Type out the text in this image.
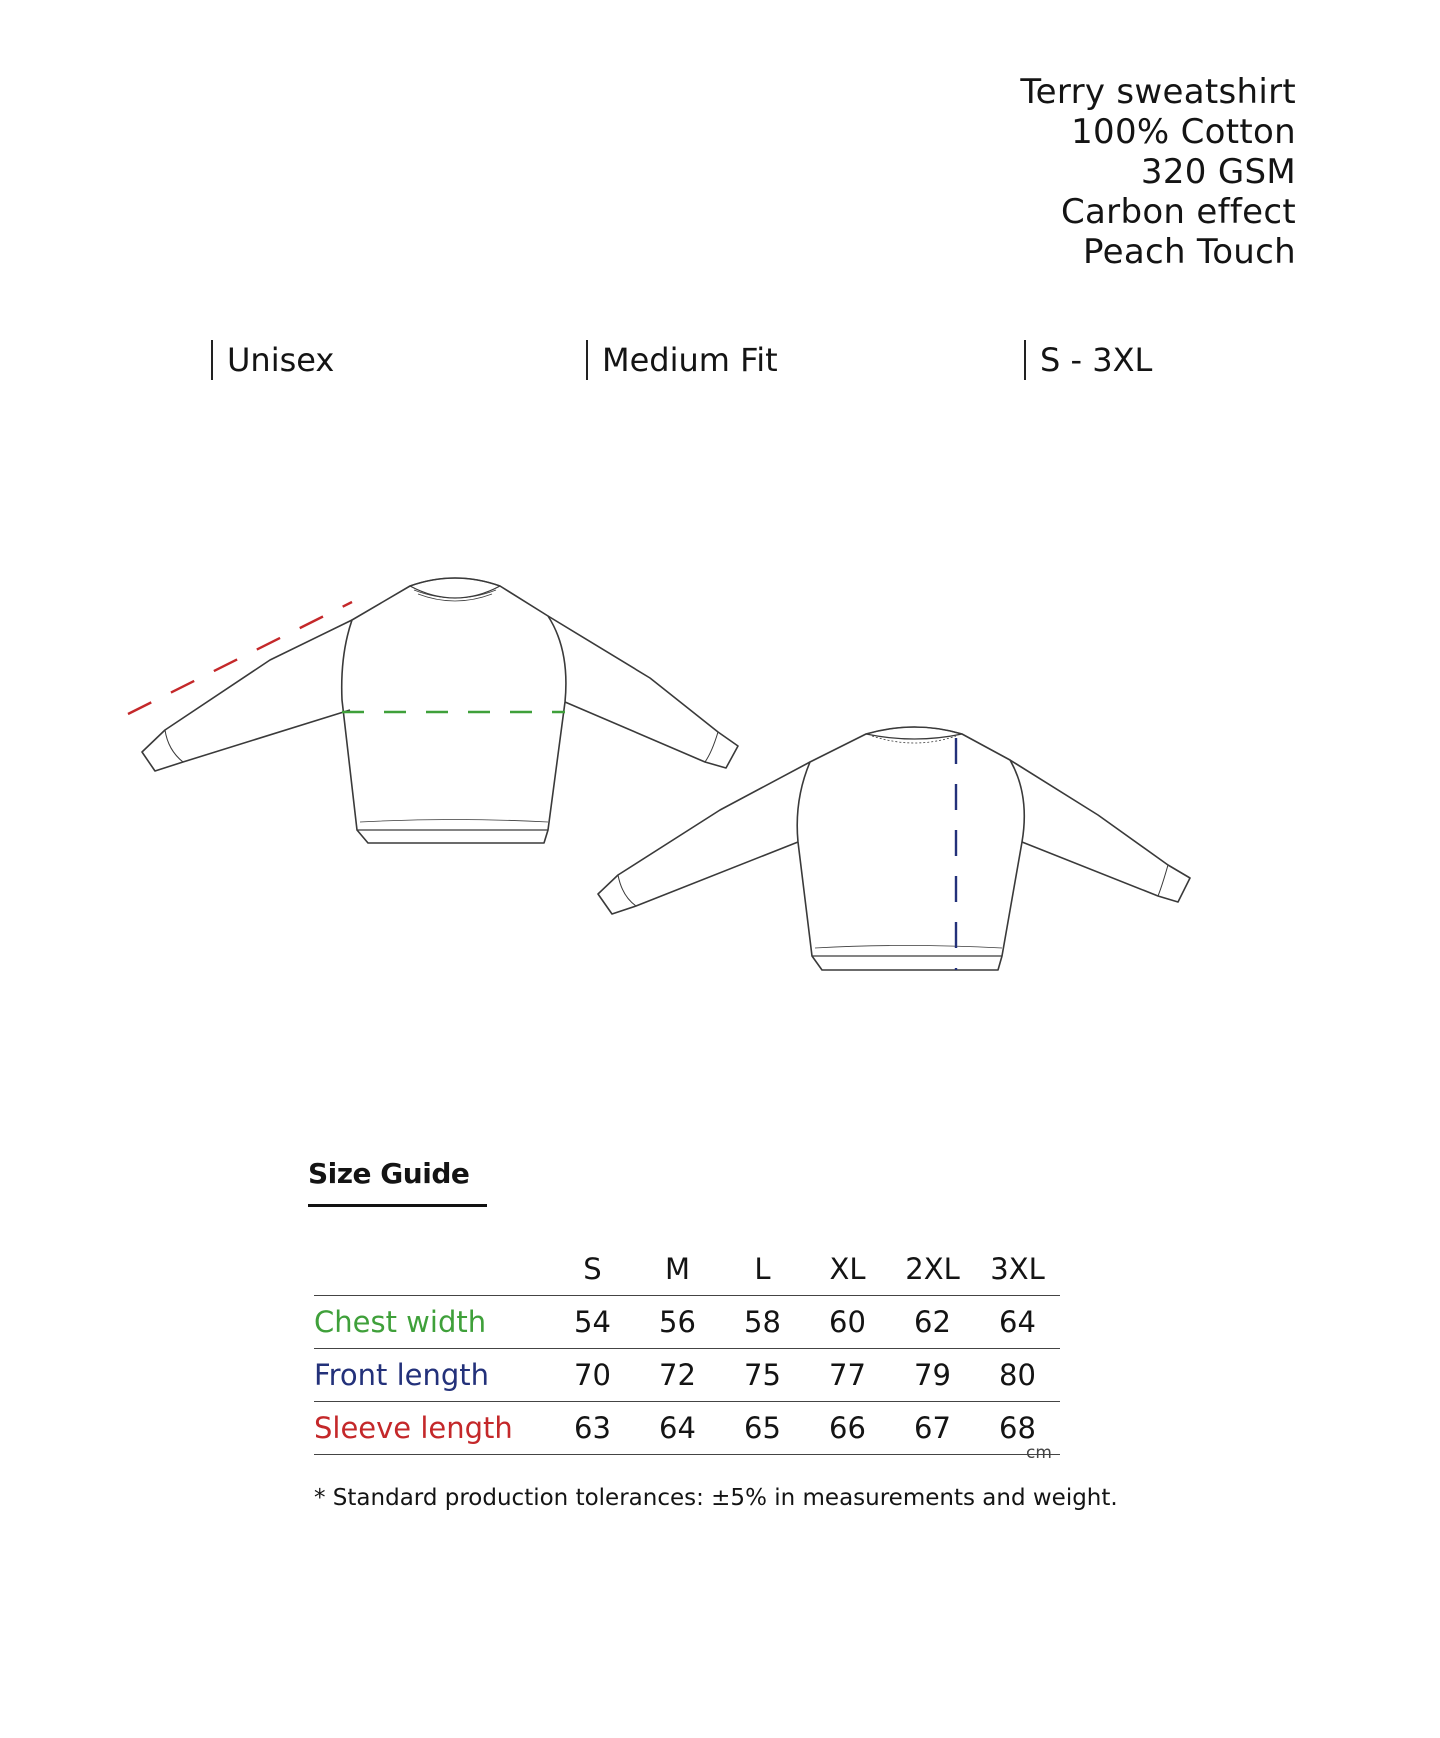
Terry sweatshirt
100% Cotton
320 GSM
Carbon effect
Peach Touch
Unisex	Medium Fit	S - 3XL
Size Guide
	S	M	L	XL	2XL	3XL
Chest width	54	56	58	60	62	64
Front length	70	72	75	77	79	80
Sleeve length	63	64	65	66	67	68
cm
* Standard production tolerances: ±5% in measurements and weight.
